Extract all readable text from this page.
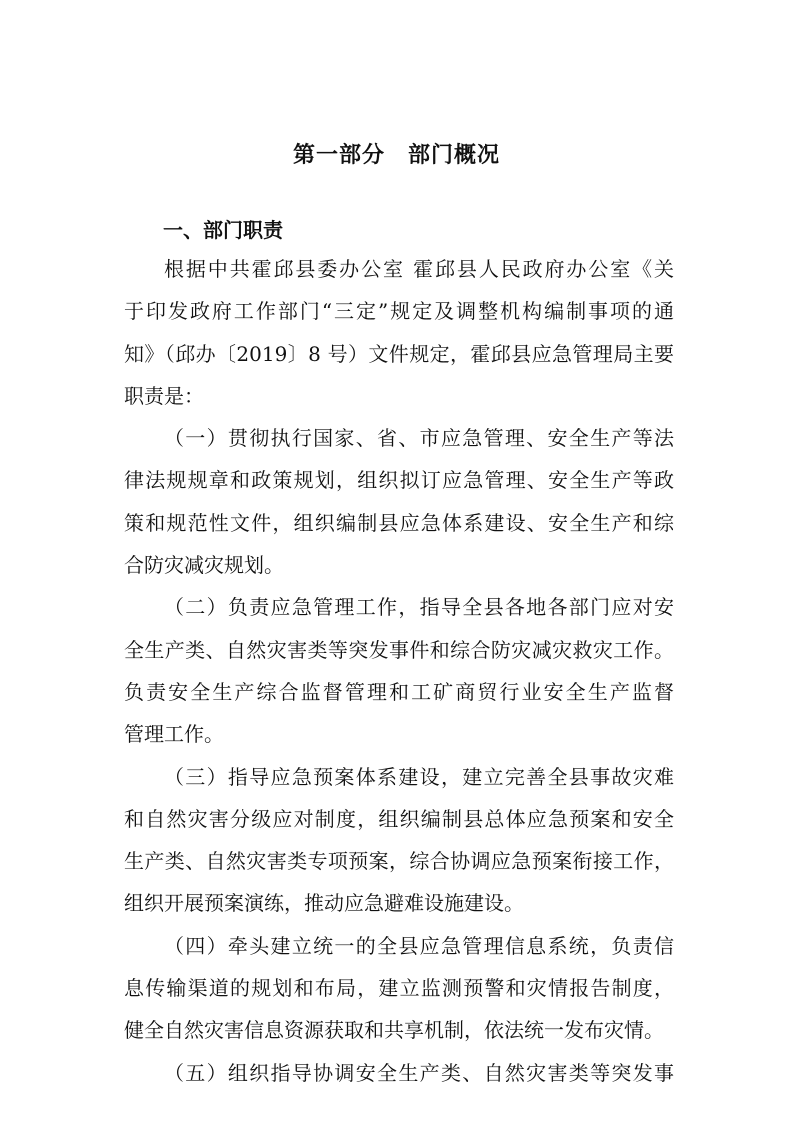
第一部分　部门概况
一、部门职责
根据中共霍邱县委办公室 霍邱县人民政府办公室《关
于印发政府工作部门“三定”规定及调整机构编制事项的通
知》（邱办〔2019〕8 号）文件规定，霍邱县应急管理局主要
职责是：
（一）贯彻执行国家、省、市应急管理、安全生产等法
律法规规章和政策规划，组织拟订应急管理、安全生产等政
策和规范性文件，组织编制县应急体系建设、安全生产和综
合防灾减灾规划。
（二）负责应急管理工作，指导全县各地各部门应对安
全生产类、自然灾害类等突发事件和综合防灾减灾救灾工作。
负责安全生产综合监督管理和工矿商贸行业安全生产监督
管理工作。
（三）指导应急预案体系建设，建立完善全县事故灾难
和自然灾害分级应对制度，组织编制县总体应急预案和安全
生产类、自然灾害类专项预案，综合协调应急预案衔接工作，
组织开展预案演练，推动应急避难设施建设。
（四）牵头建立统一的全县应急管理信息系统，负责信
息传输渠道的规划和布局，建立监测预警和灾情报告制度，
健全自然灾害信息资源获取和共享机制，依法统一发布灾情。
（五）组织指导协调安全生产类、自然灾害类等突发事
